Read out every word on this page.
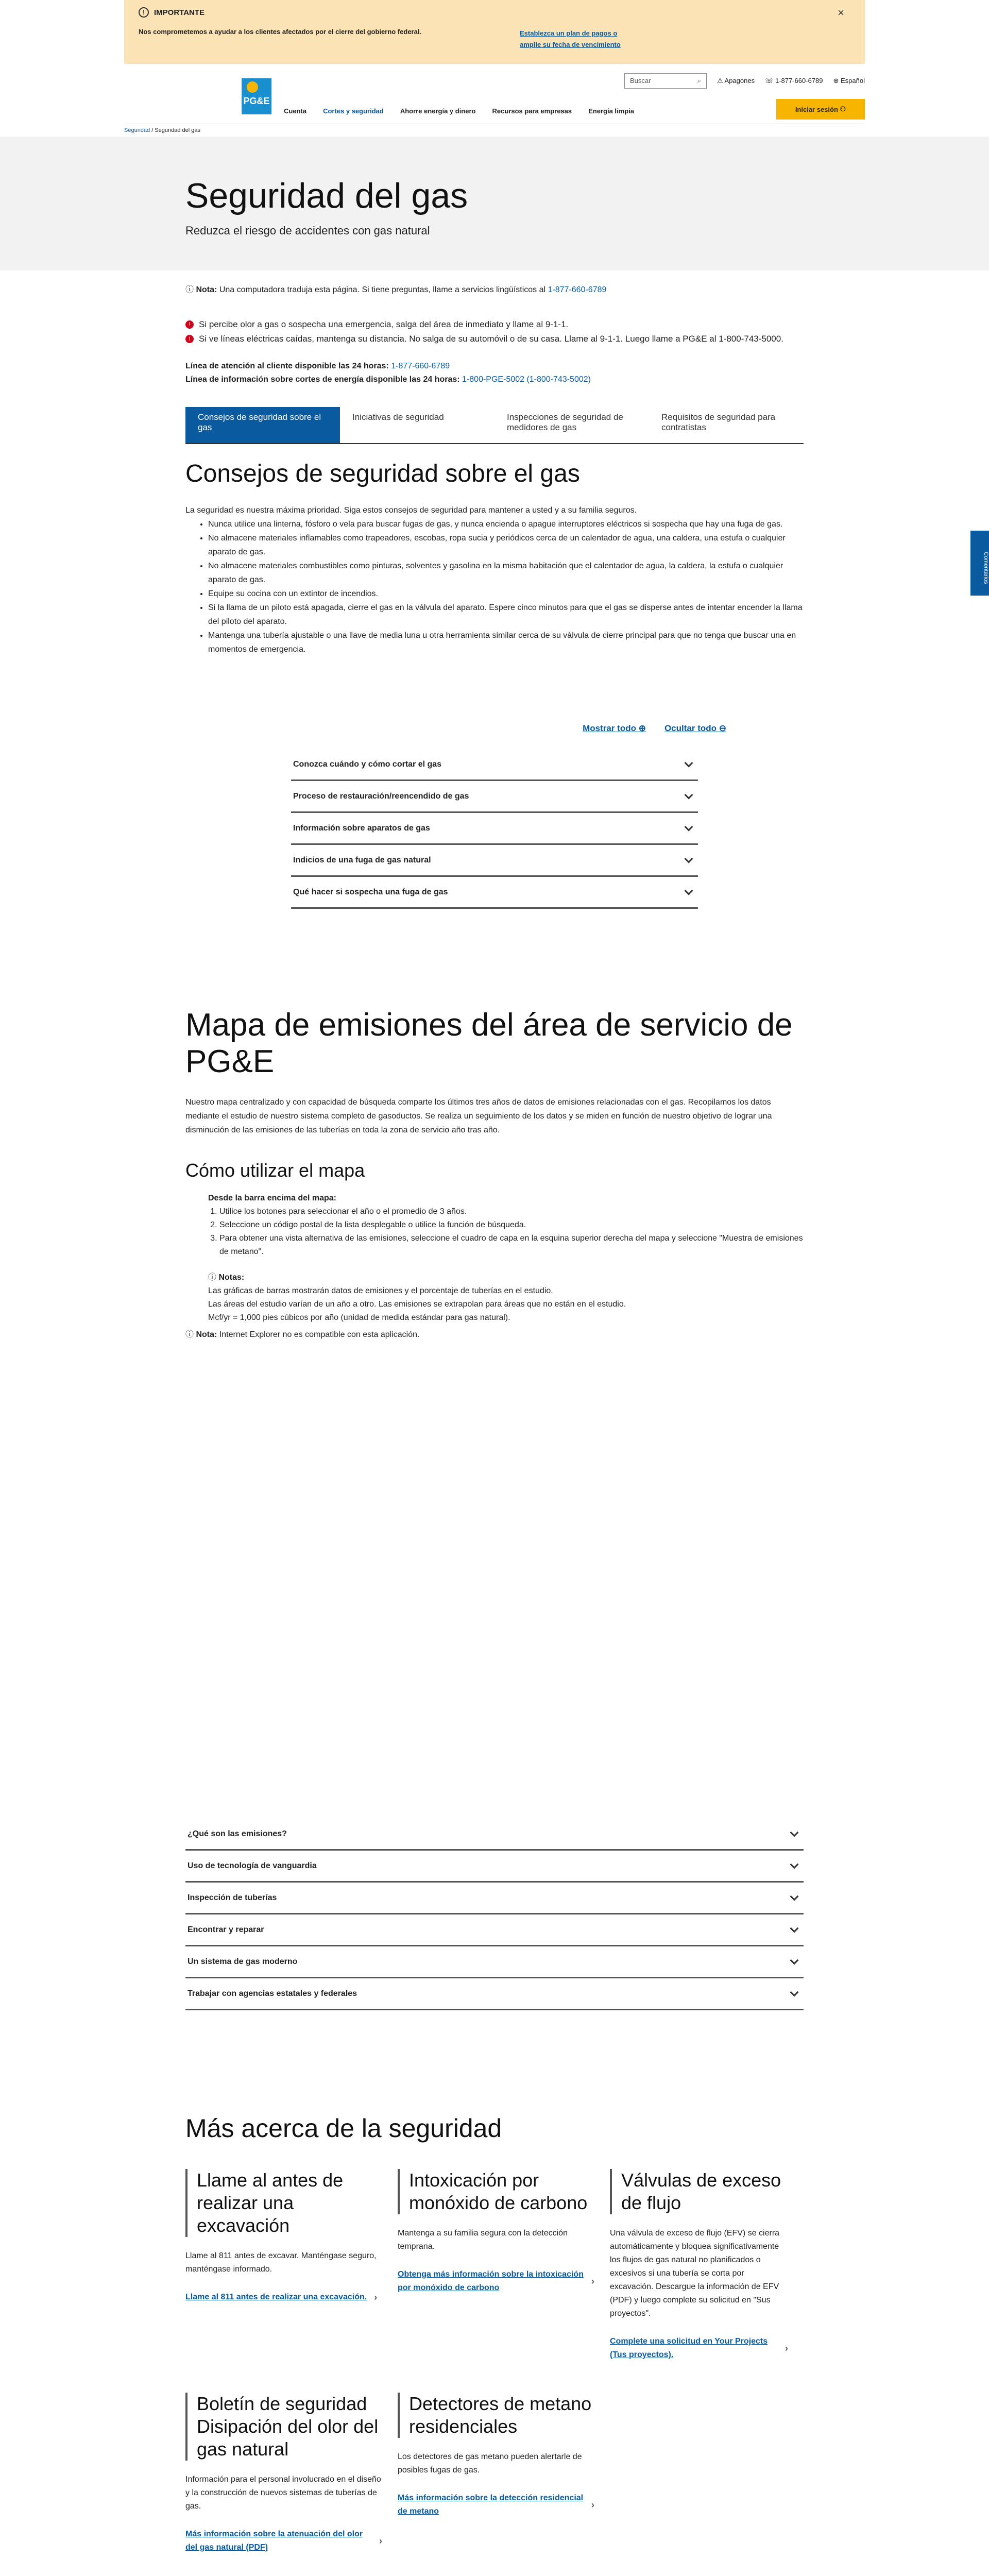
!	IMPORTANTE
Nos comprometemos a ayudar a los clientes afectados por el cierre del gobierno federal.	Establezca un plan de pagos o amplíe su fecha de vencimiento
×
PG&E
Buscar	⌕ ⚠ Apagones ☏ 1-877-660-6789 ⊕ Español
Cuenta Cortes y seguridad Ahorre energía y dinero Recursos para empresas Energía limpia	Iniciar sesión ⚇
Seguridad / Seguridad del gas
Seguridad del gas

Reduzca el riesgo de accidentes con gas natural

ⓘ Nota: Una computadora traduja esta página. Si tiene preguntas, llame a servicios lingüísticos al 1-877-660-6789

! Si percibe olor a gas o sospecha una emergencia, salga del área de inmediato y llame al 9-1-1.
! Si ve líneas eléctricas caídas, mantenga su distancia. No salga de su automóvil o de su casa. Llame al 9-1-1. Luego llame a PG&E al 1-800-743-5000.
Línea de atención al cliente disponible las 24 horas: 1-877-660-6789
Línea de información sobre cortes de energía disponible las 24 horas: 1-800-PGE-5002 (1-800-743-5002)
Consejos de seguridad sobre el gas
Iniciativas de seguridad	Inspecciones de seguridad de medidores de gas
Requisitos de seguridad para contratistas
Consejos de seguridad sobre el gas

La seguridad es nuestra máxima prioridad. Siga estos consejos de seguridad para mantener a usted y a su familia seguros.

• Nunca utilice una linterna, fósforo o vela para buscar fugas de gas, y nunca encienda o apague interruptores eléctricos si sospecha que hay una fuga de gas.
• No almacene materiales inflamables como trapeadores, escobas, ropa sucia y periódicos cerca de un calentador de agua, una caldera, una estufa o cualquier aparato de gas.
• No almacene materiales combustibles como pinturas, solventes y gasolina en la misma habitación que el calentador de agua, la caldera, la estufa o cualquier aparato de gas.
• Equipe su cocina con un extintor de incendios.
• Si la llama de un piloto está apagada, cierre el gas en la válvula del aparato. Espere cinco minutos para que el gas se disperse antes de intentar encender la llama del piloto del aparato.
• Mantenga una tubería ajustable o una llave de media luna u otra herramienta similar cerca de su válvula de cierre principal para que no tenga que buscar una en momentos de emergencia.
Mostrar todo ⊕ Ocultar todo ⊖
Conozca cuándo y cómo cortar el gas
Proceso de restauración/reencendido de gas
Información sobre aparatos de gas
Indicios de una fuga de gas natural
Qué hacer si sospecha una fuga de gas
Mapa de emisiones del área de servicio de PG&E

Nuestro mapa centralizado y con capacidad de búsqueda comparte los últimos tres años de datos de emisiones relacionadas con el gas. Recopilamos los datos mediante el estudio de nuestro sistema completo de gasoductos. Se realiza un seguimiento de los datos y se miden en función de nuestro objetivo de lograr una disminución de las emisiones de las tuberías en toda la zona de servicio año tras año.

Cómo utilizar el mapa
Desde la barra encima del mapa:
1. Utilice los botones para seleccionar el año o el promedio de 3 años.
2. Seleccione un código postal de la lista desplegable o utilice la función de búsqueda.
3. Para obtener una vista alternativa de las emisiones, seleccione el cuadro de capa en la esquina superior derecha del mapa y seleccione "Muestra de emisiones de metano".
ⓘ Notas:
Las gráficas de barras mostrarán datos de emisiones y el porcentaje de tuberías en el estudio.
Las áreas del estudio varían de un año a otro. Las emisiones se extrapolan para áreas que no están en el estudio.
Mcf/yr = 1,000 pies cúbicos por año (unidad de medida estándar para gas natural).

ⓘ Nota: Internet Explorer no es compatible con esta aplicación.

¿Qué son las emisiones?
Uso de tecnología de vanguardia
Inspección de tuberías
Encontrar y reparar
Un sistema de gas moderno
Trabajar con agencias estatales y federales
Más acerca de la seguridad
Llame al antes de realizar una excavación

Llame al 811 antes de excavar. Manténgase seguro, manténgase informado.

Llame al 811 antes de realizar una excavación. ›
Intoxicación por monóxido de carbono

Mantenga a su familia segura con la detección temprana.

Obtenga más información sobre la intoxicación por monóxido de carbono
›
Válvulas de exceso de flujo

Una válvula de exceso de flujo (EFV) se cierra automáticamente y bloquea significativamente los flujos de gas natural no planificados o excesivos si una tubería se corta por excavación. Descargue la información de EFV (PDF) y luego complete su solicitud en "Sus proyectos".

Complete una solicitud en Your Projects (Tus proyectos).
›
Boletín de seguridad Disipación del olor del gas natural

Información para el personal involucrado en el diseño y la construcción de nuevos sistemas de tuberías de gas.

Más información sobre la atenuación del olor del gas natural (PDF)
›
Detectores de metano residenciales

Los detectores de gas metano pueden alertarle de posibles fugas de gas.

Más información sobre la detección residencial de metano
›
Comentarios
